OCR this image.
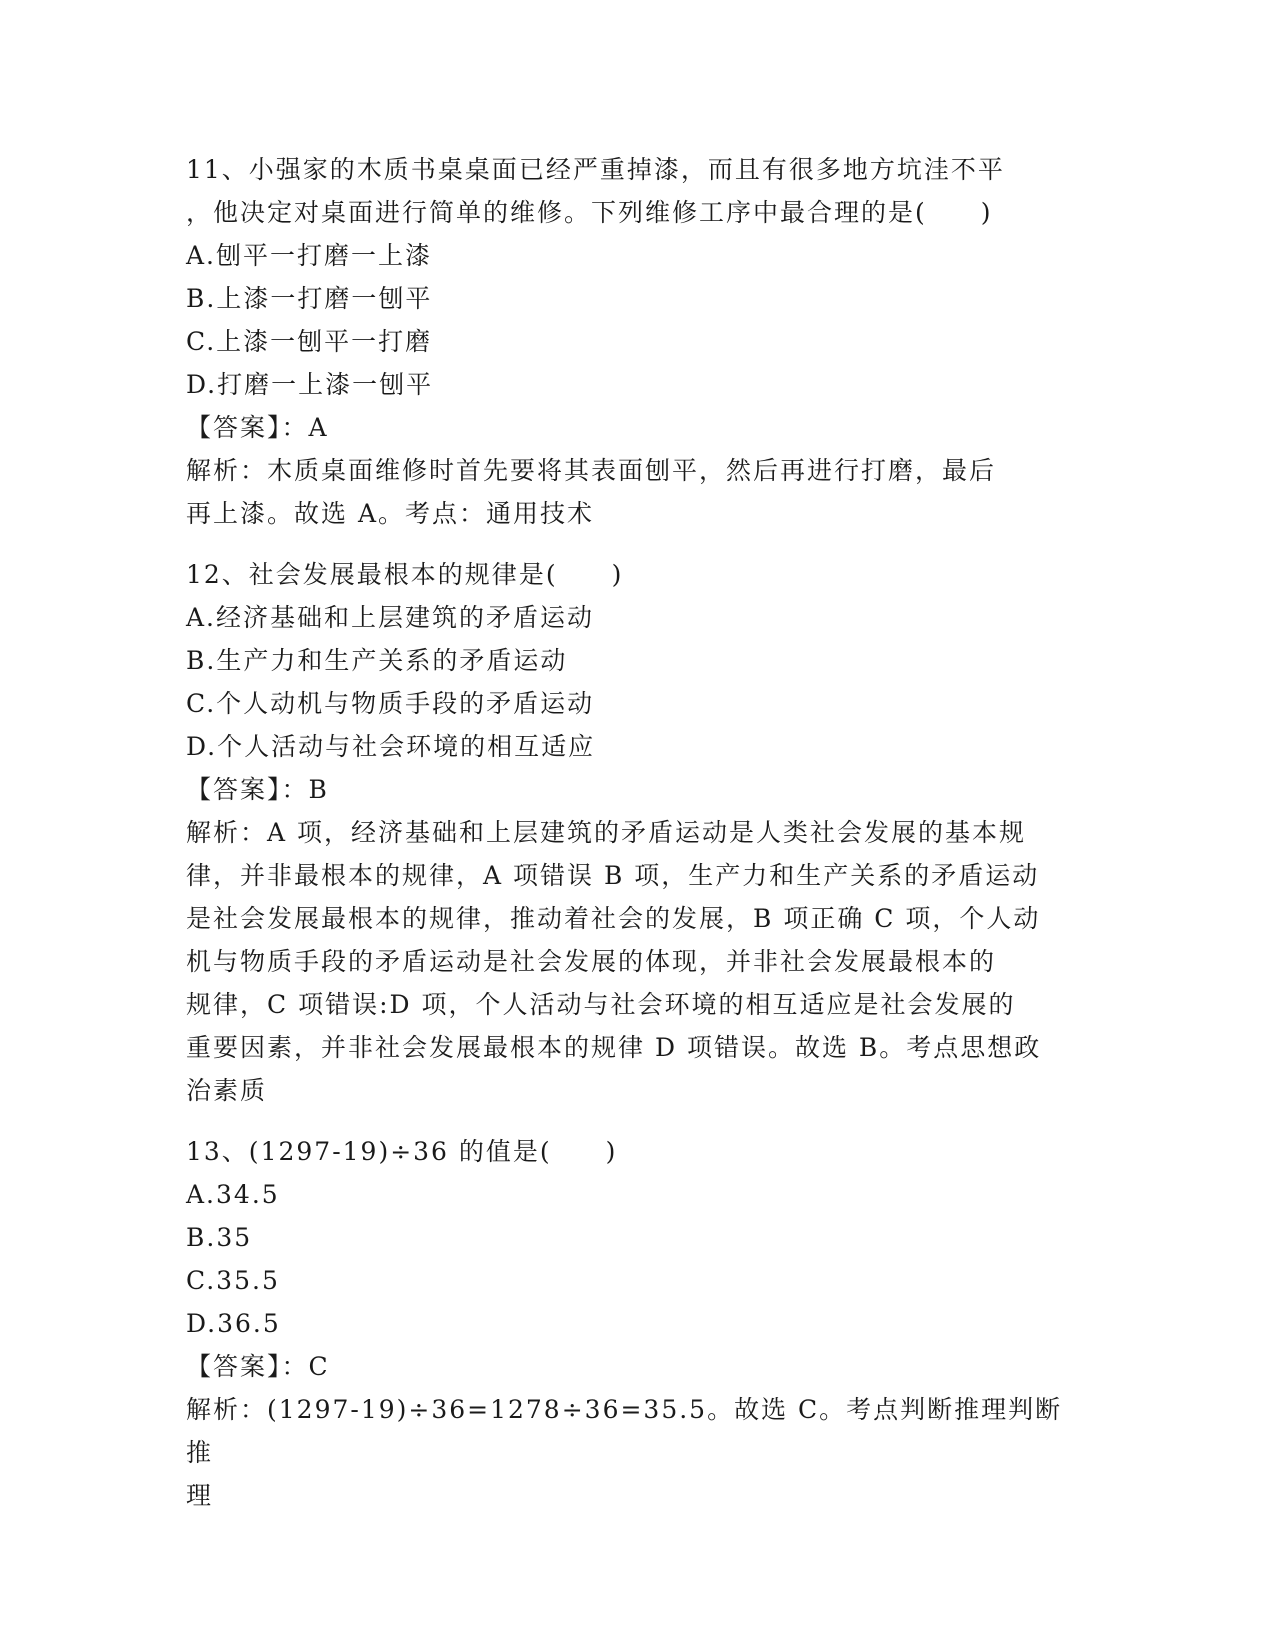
11、小强家的木质书桌桌面已经严重掉漆，而且有很多地方坑洼不平
，他决定对桌面进行简单的维修。下列维修工序中最合理的是(　　)
A.刨平一打磨一上漆
B.上漆一打磨一刨平
C.上漆一刨平一打磨
D.打磨一上漆一刨平
【答案】：A
解析：木质桌面维修时首先要将其表面刨平，然后再进行打磨，最后
再上漆。故选 A。考点：通用技术
12、社会发展最根本的规律是(　　)
A.经济基础和上层建筑的矛盾运动
B.生产力和生产关系的矛盾运动
C.个人动机与物质手段的矛盾运动
D.个人活动与社会环境的相互适应
【答案】：B
解析：A 项，经济基础和上层建筑的矛盾运动是人类社会发展的基本规
律，并非最根本的规律，A 项错误 B 项，生产力和生产关系的矛盾运动
是社会发展最根本的规律，推动着社会的发展，B 项正确 C 项，个人动
机与物质手段的矛盾运动是社会发展的体现，并非社会发展最根本的
规律，C 项错误:D 项，个人活动与社会环境的相互适应是社会发展的
重要因素，并非社会发展最根本的规律 D 项错误。故选 B。考点思想政
治素质
13、(1297-19)÷36 的值是(　　)
A.34.5
B.35
C.35.5
D.36.5
【答案】：C
解析：(1297-19)÷36=1278÷36=35.5。故选 C。考点判断推理判断推
理
